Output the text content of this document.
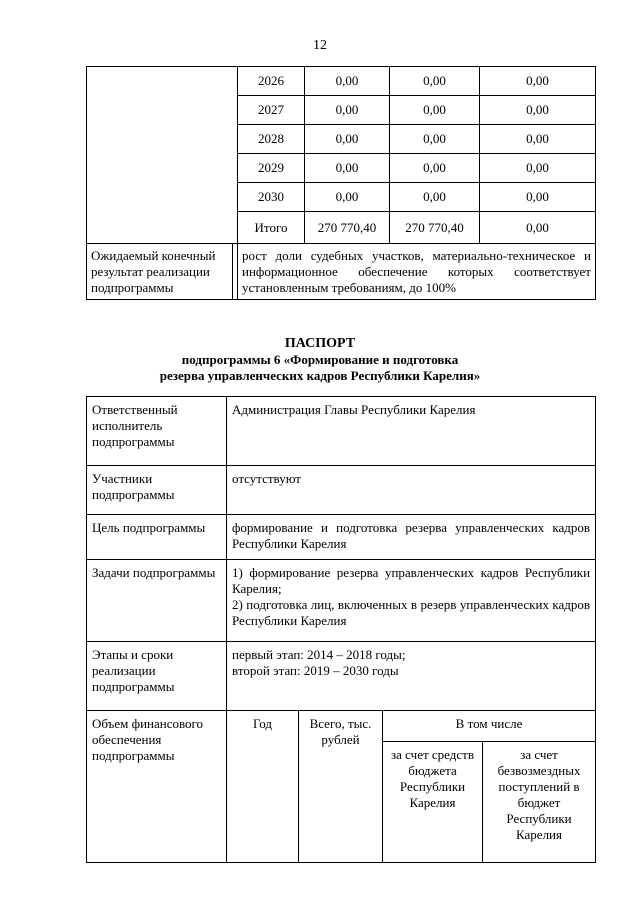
12
		2026	0,00	0,00	0,00
		2027	0,00	0,00	0,00
		2028	0,00	0,00	0,00
		2029	0,00	0,00	0,00
		2030	0,00	0,00	0,00
		Итого	270 770,40	270 770,40	0,00
Ожидаемый конечный результат реализации подпрограммы		рост доли судебных участков, материально-техническое и информационное обеспечение которых соответствует установленным требованиям, до 100%			
ПАСПОРТ
подпрограммы 6 «Формирование и подготовка
резерва управленческих кадров Республики Карелия»
Ответственный исполнитель подпрограммы	Администрация Главы Республики Карелия			
Участники подпрограммы	отсутствуют			
Цель подпрограммы	формирование и подготовка резерва управленческих кадров Республики Карелия			
Задачи подпрограммы	1) формирование резерва управленческих кадров Республики Карелия;
2) подготовка лиц, включенных в резерв управленческих кадров Республики Карелия			

Этапы и сроки реализации подпрограммы	первый этап: 2014 – 2018 годы;
второй этап: 2019 – 2030 годы			

Объем финансового обеспечения подпрограммы	Год	Всего, тыс. рублей	В том числе	
			за счет средств бюджета Республики Карелия	за счет безвозмездных поступлений в бюджет Республики Карелия
